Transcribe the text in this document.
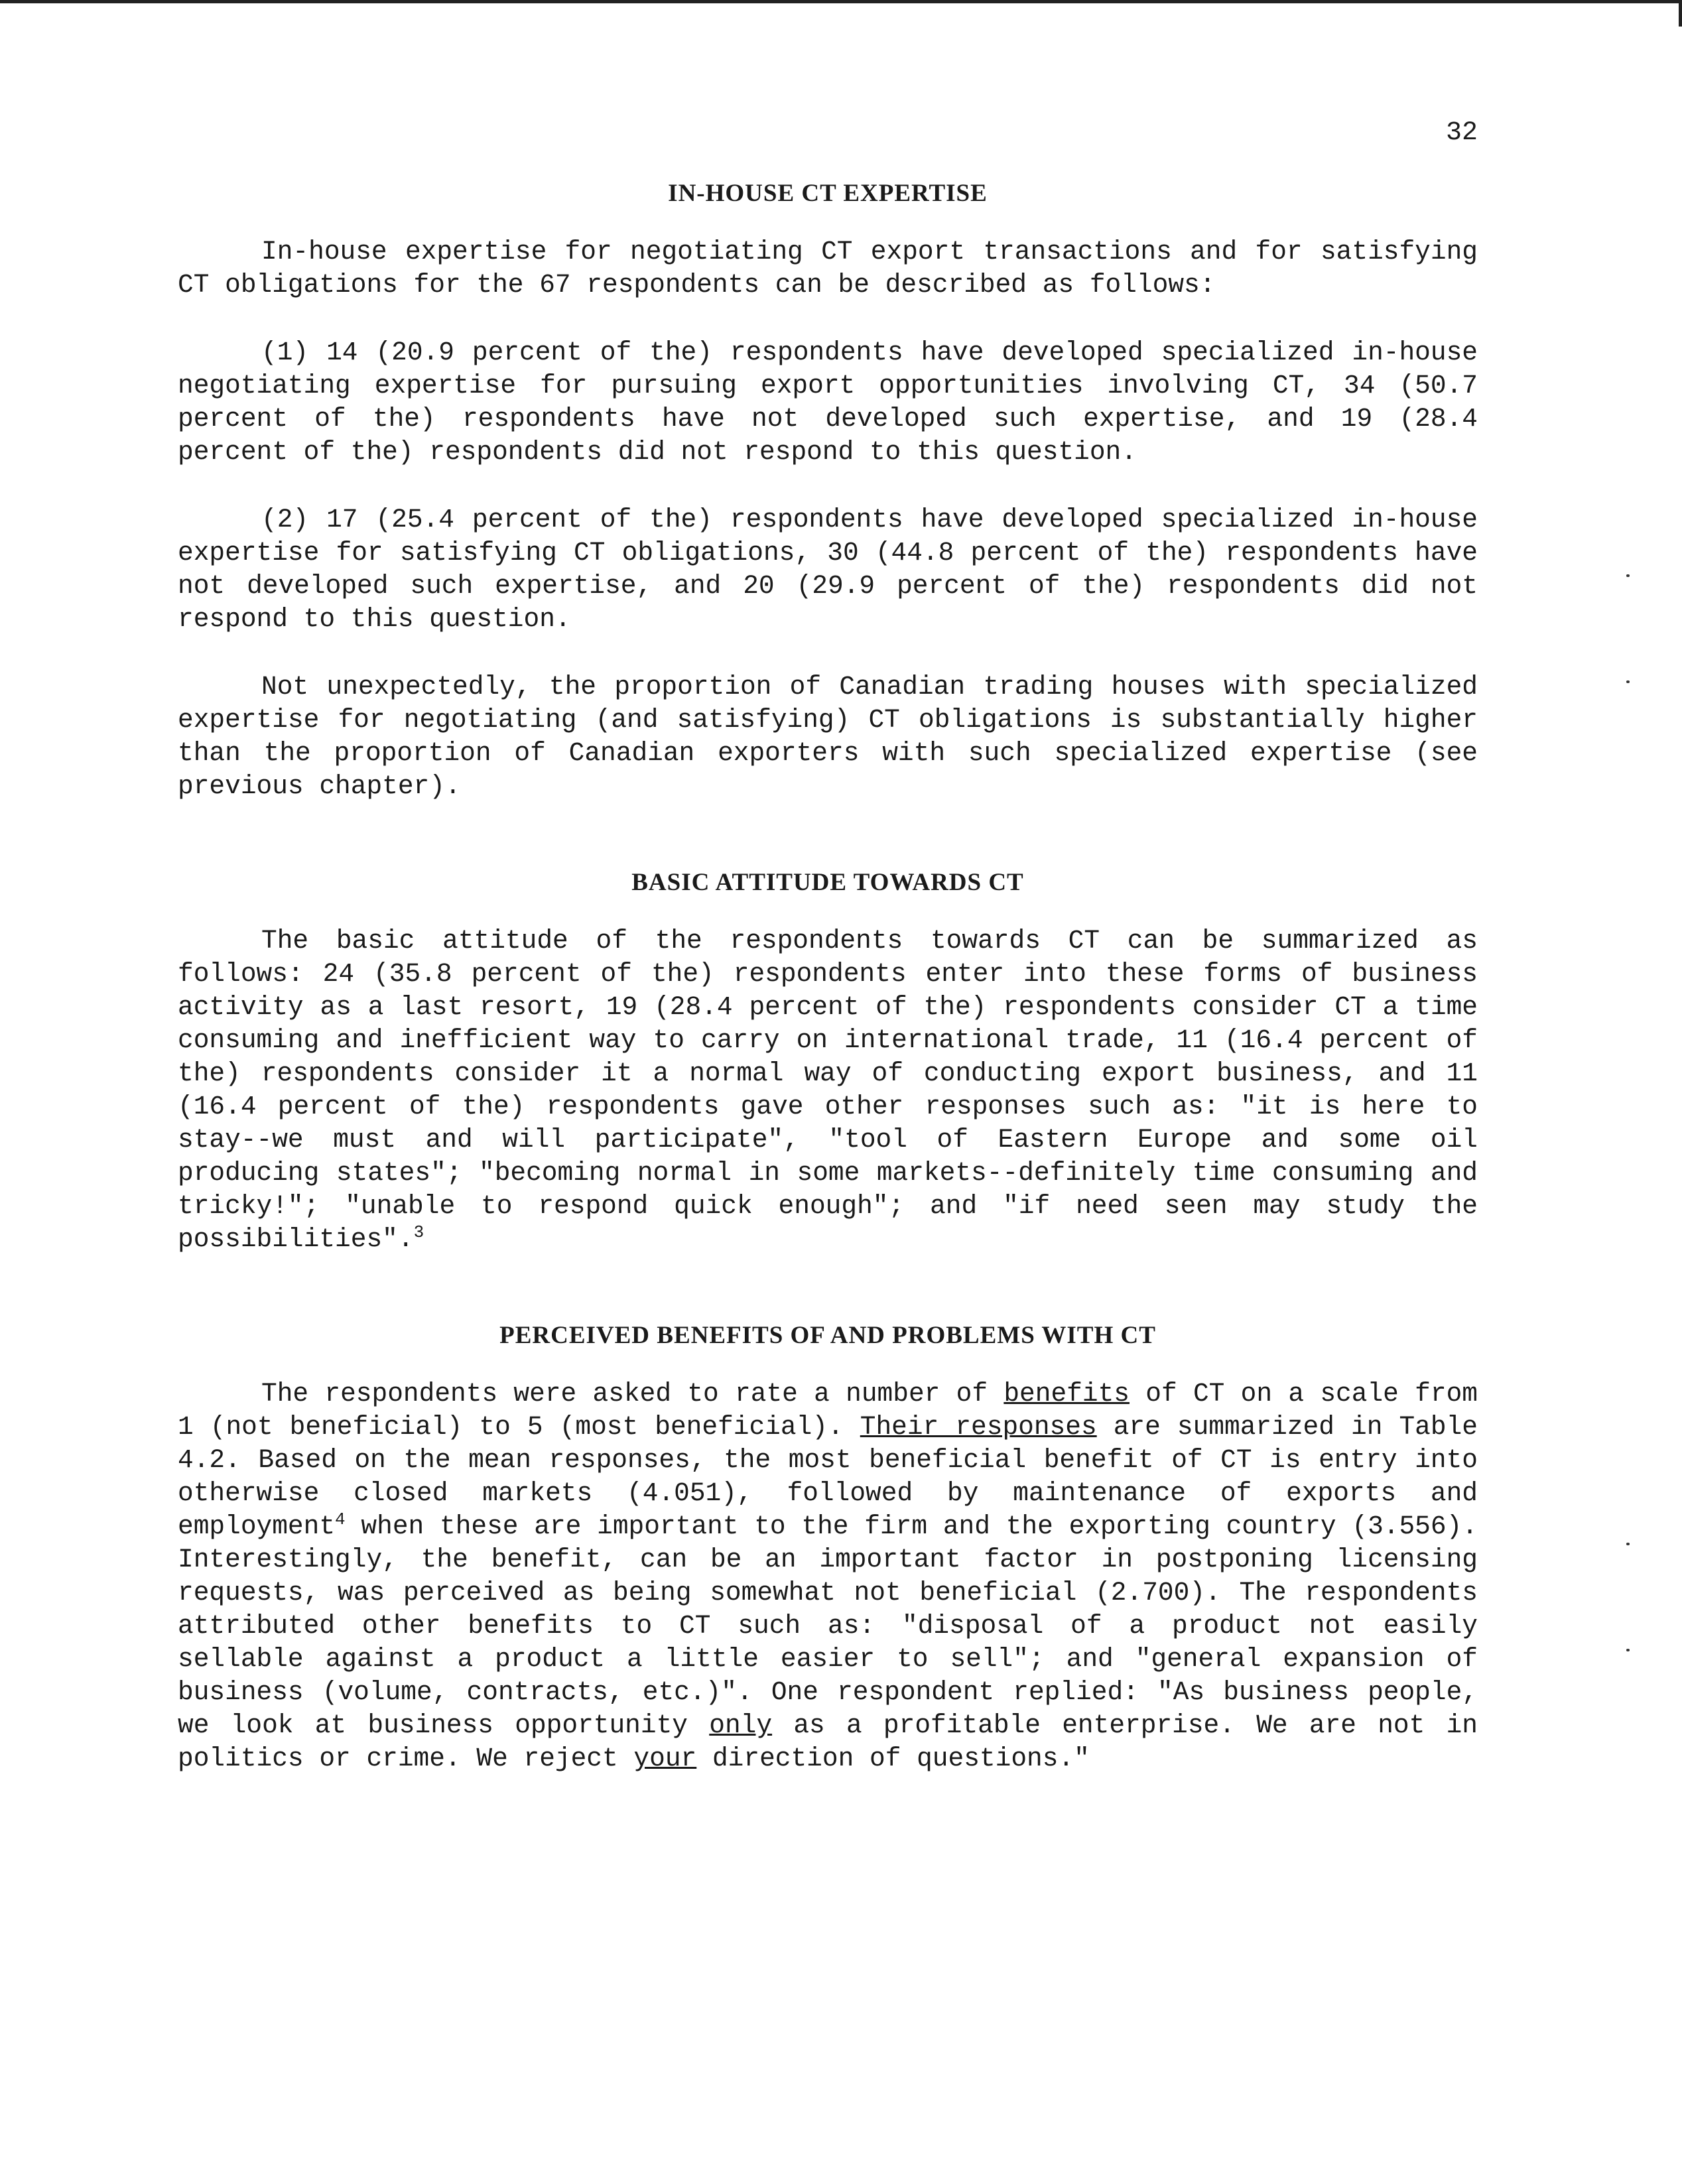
32
IN-HOUSE CT EXPERTISE

In-house expertise for negotiating CT export transactions and for satisfying CT obligations for the 67 respondents can be described as follows:

(1) 14 (20.9 percent of the) respondents have developed specialized in-house negotiating expertise for pursuing export opportunities involving CT, 34 (50.7 percent of the) respondents have not developed such expertise, and 19 (28.4 percent of the) respondents did not respond to this question.

(2) 17 (25.4 percent of the) respondents have developed specialized in-house expertise for satisfying CT obligations, 30 (44.8 percent of the) respondents have not developed such expertise, and 20 (29.9 percent of the) respondents did not respond to this question.

Not unexpectedly, the proportion of Canadian trading houses with specialized expertise for negotiating (and satisfying) CT obligations is substantially higher than the proportion of Canadian exporters with such specialized expertise (see previous chapter).

BASIC ATTITUDE TOWARDS CT

The basic attitude of the respondents towards CT can be summarized as follows: 24 (35.8 percent of the) respondents enter into these forms of business activity as a last resort, 19 (28.4 percent of the) respondents consider CT a time consuming and inefficient way to carry on international trade, 11 (16.4 percent of the) respondents consider it a normal way of conducting export business, and 11 (16.4 percent of the) respondents gave other responses such as: "it is here to stay--we must and will participate", "tool of Eastern Europe and some oil producing states"; "becoming normal in some markets--definitely time consuming and tricky!"; "unable to respond quick enough"; and "if need seen may study the possibilities".$^3$

PERCEIVED BENEFITS OF AND PROBLEMS WITH CT

The respondents were asked to rate a number of benefits of CT on a scale from 1 (not beneficial) to 5 (most beneficial). Their responses are summarized in Table 4.2. Based on the mean responses, the most beneficial benefit of CT is entry into otherwise closed markets (4.051), followed by maintenance of exports and employment$^4$ when these are important to the firm and the exporting country (3.556). Interestingly, the benefit, can be an important factor in postponing licensing requests, was perceived as being somewhat not beneficial (2.700). The respondents attributed other benefits to CT such as: "disposal of a product not easily sellable against a product a little easier to sell"; and "general expansion of business (volume, contracts, etc.)". One respondent replied: "As business people, we look at business opportunity only as a profitable enterprise. We are not in politics or crime. We reject your direction of questions."
